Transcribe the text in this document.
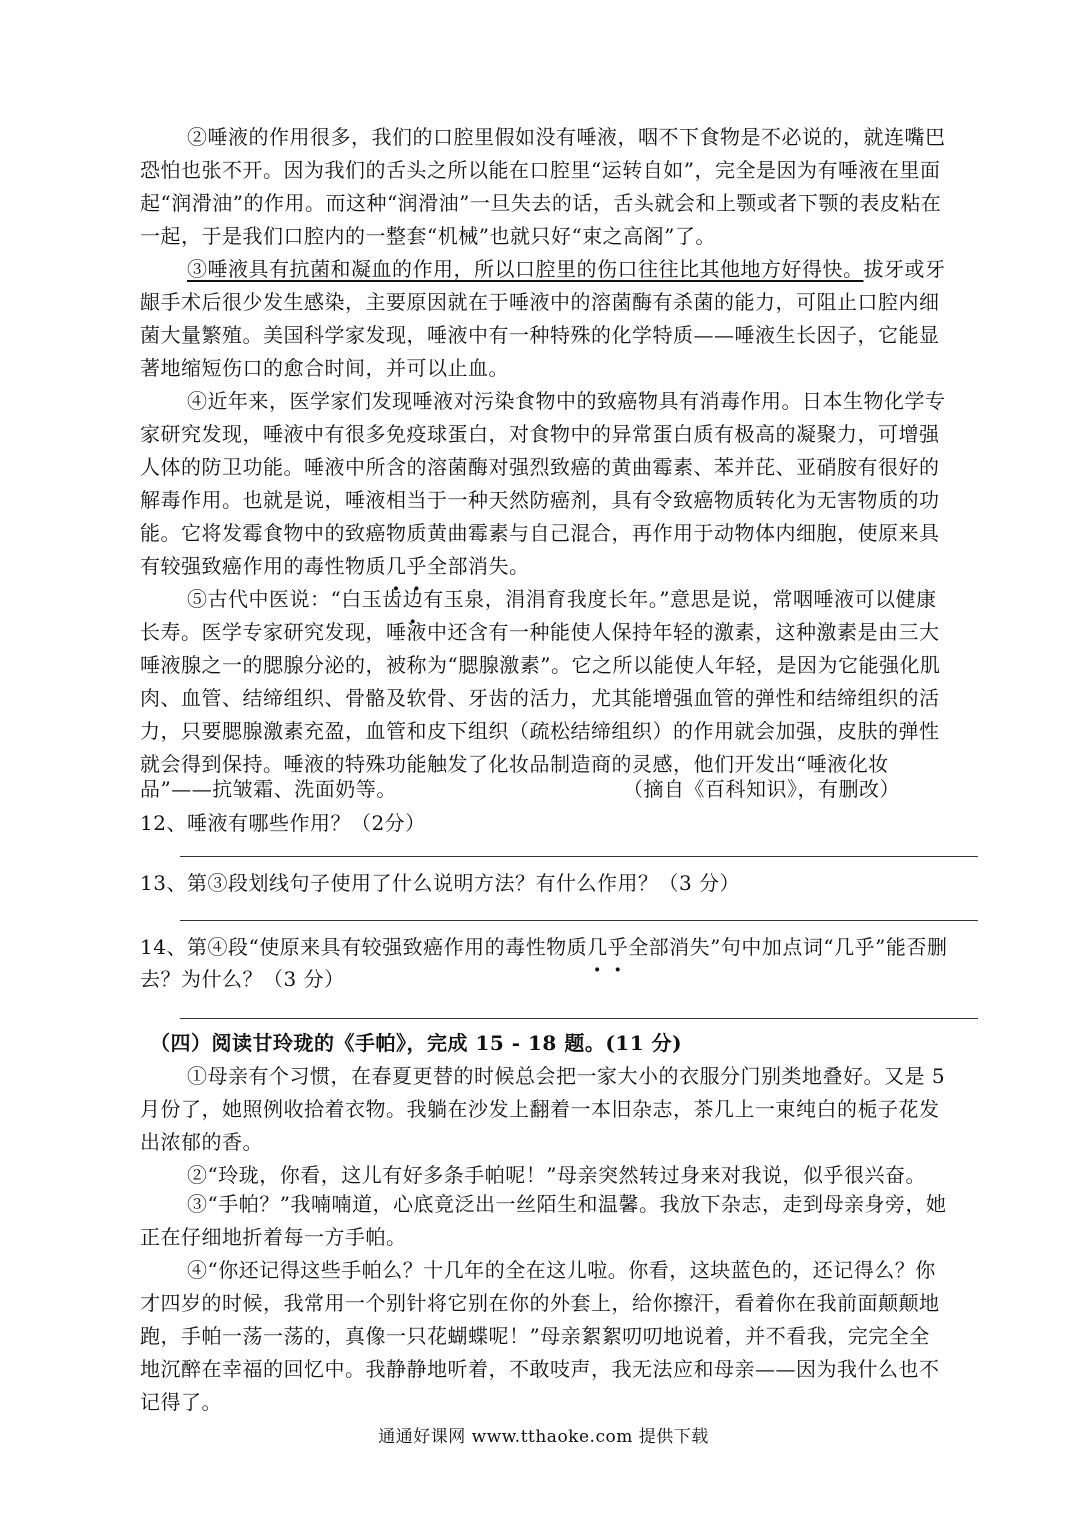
②唾液的作用很多，我们的口腔里假如没有唾液，咽不下食物是不必说的，就连嘴巴
恐怕也张不开。因为我们的舌头之所以能在口腔里“运转自如”，完全是因为有唾液在里面
起“润滑油”的作用。而这种“润滑油”一旦失去的话，舌头就会和上颚或者下颚的表皮粘在
一起，于是我们口腔内的一整套“机械”也就只好“束之高阁”了。
③唾液具有抗菌和凝血的作用，所以口腔里的伤口往往比其他地方好得快。拔牙或牙
龈手术后很少发生感染，主要原因就在于唾液中的溶菌酶有杀菌的能力，可阻止口腔内细
菌大量繁殖。美国科学家发现，唾液中有一种特殊的化学特质——唾液生长因子，它能显
著地缩短伤口的愈合时间，并可以止血。
④近年来，医学家们发现唾液对污染食物中的致癌物具有消毒作用。日本生物化学专
家研究发现，唾液中有很多免疫球蛋白，对食物中的异常蛋白质有极高的凝聚力，可增强
人体的防卫功能。唾液中所含的溶菌酶对强烈致癌的黄曲霉素、苯并芘、亚硝胺有很好的
解毒作用。也就是说，唾液相当于一种天然防癌剂，具有令致癌物质转化为无害物质的功
能。它将发霉食物中的致癌物质黄曲霉素与自己混合，再作用于动物体内细胞，使原来具
有较强致癌作用的毒性物质几乎全部消失。
⑤古代中医说：“白玉齿边有玉泉，涓涓育我度长年。”意思是说，常咽唾液可以健康
长寿。医学专家研究发现，唾液中还含有一种能使人保持年轻的激素，这种激素是由三大
唾液腺之一的腮腺分泌的，被称为“腮腺激素”。它之所以能使人年轻，是因为它能强化肌
肉、血管、结缔组织、骨骼及软骨、牙齿的活力，尤其能增强血管的弹性和结缔组织的活
力，只要腮腺激素充盈，血管和皮下组织（疏松结缔组织）的作用就会加强，皮肤的弹性
就会得到保持。唾液的特殊功能触发了化妆品制造商的灵感，他们开发出“唾液化妆
品”——抗皱霜、洗面奶等。	（摘自《百科知识》，有删改）
12、唾液有哪些作用？（2分）
13、第③段划线句子使用了什么说明方法？有什么作用？（3 分）
14、第④段“使原来具有较强致癌作用的毒性物质几乎全部消失”句中加点词“几乎”能否删
去？为什么？（3 分）
（四）阅读甘玲珑的《手帕》，完成 15 - 18 题。(11 分)
①母亲有个习惯，在春夏更替的时候总会把一家大小的衣服分门别类地叠好。又是 5
月份了，她照例收拾着衣物。我躺在沙发上翻着一本旧杂志，茶几上一束纯白的栀子花发
出浓郁的香。
②“玲珑，你看，这儿有好多条手帕呢！”母亲突然转过身来对我说，似乎很兴奋。
③“手帕？”我喃喃道，心底竟泛出一丝陌生和温馨。我放下杂志，走到母亲身旁，她
正在仔细地折着每一方手帕。
④“你还记得这些手帕么？十几年的全在这儿啦。你看，这块蓝色的，还记得么？你
才四岁的时候，我常用一个别针将它别在你的外套上，给你擦汗，看着你在我前面颠颠地
跑，手帕一荡一荡的，真像一只花蝴蝶呢！”母亲絮絮叨叨地说着，并不看我，完完全全
地沉醉在幸福的回忆中。我静静地听着，不敢吱声，我无法应和母亲——因为我什么也不
记得了。
通通好课网 www.tthaoke.com 提供下载
